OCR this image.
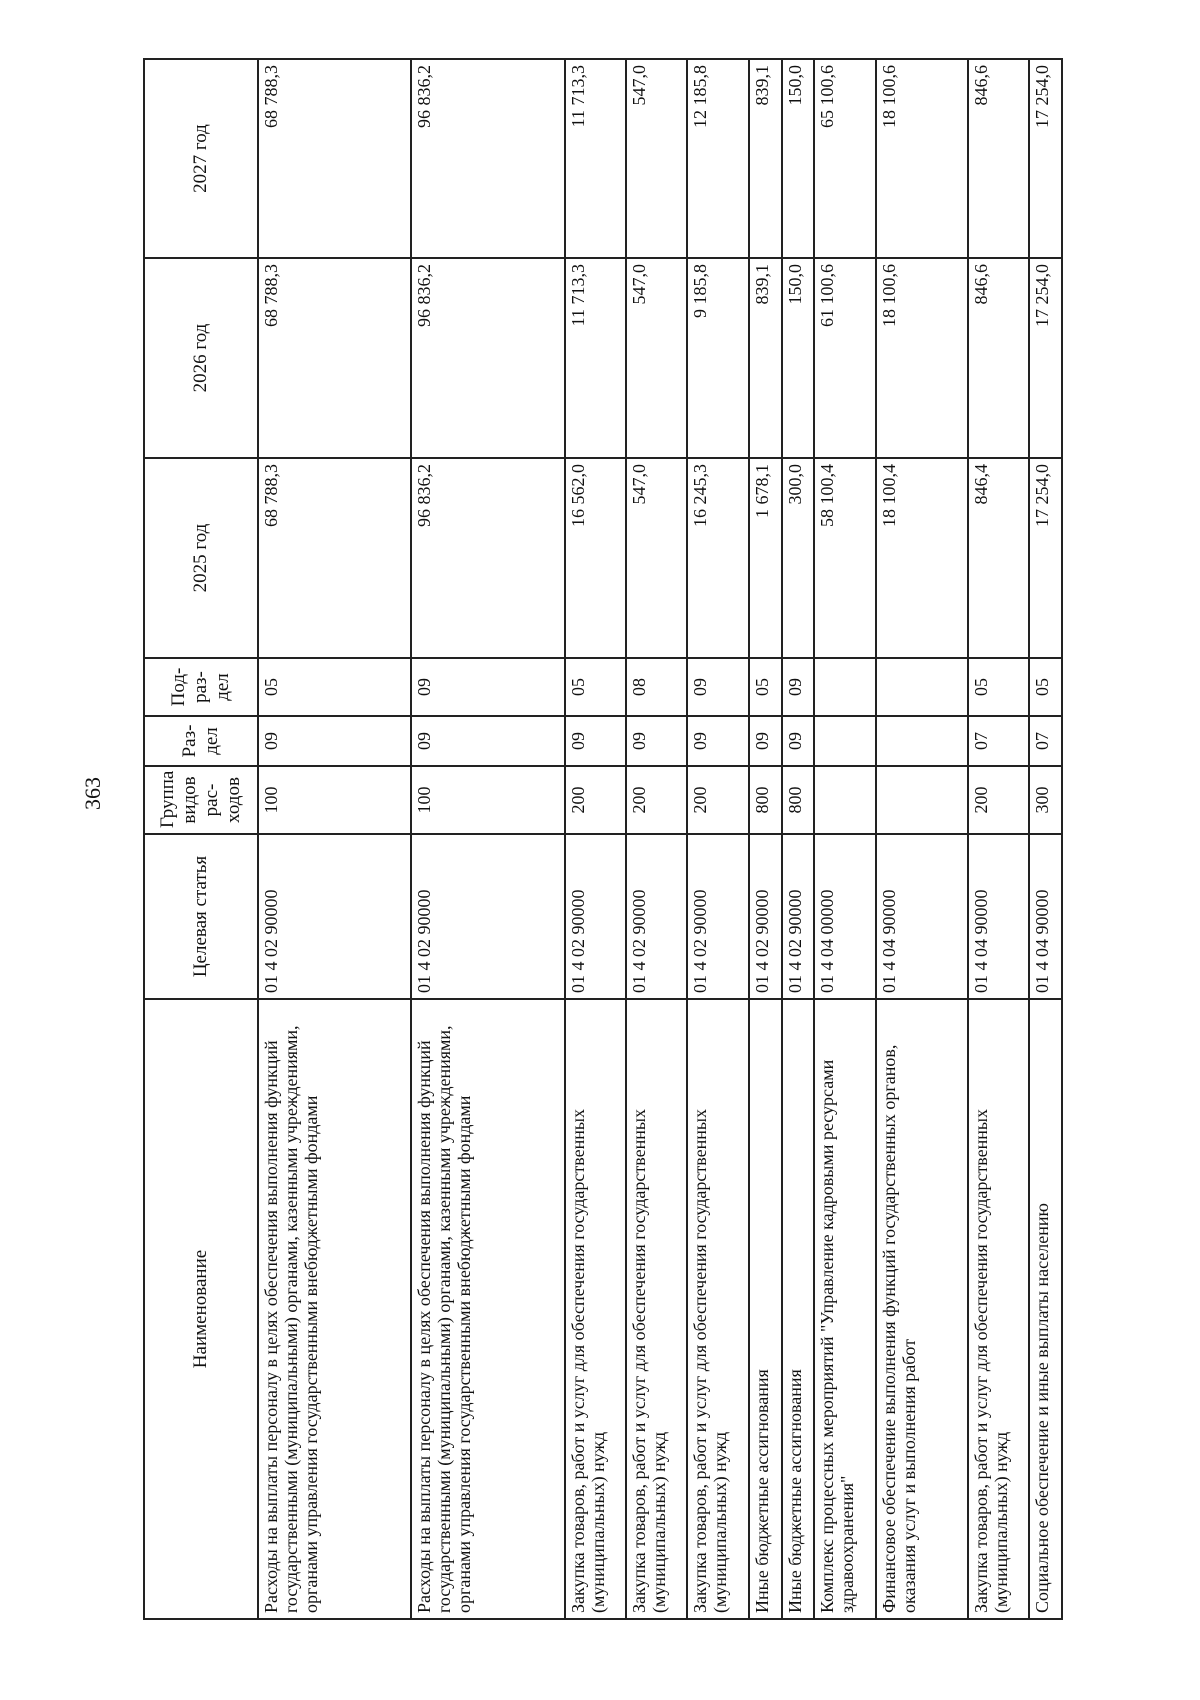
363
Наименование	Целевая статья	Группа видов рас-ходов	Раз-дел	Под-раз-дел	2025 год	2026 год	2027 год
Расходы на выплаты персоналу в целях обеспечения выполнения функций государственными (муниципальными) органами, казенными учреждениями, органами управления государственными внебюджетными фондами	01 4 02 90000	100	09	05	68 788,3	68 788,3	68 788,3
Расходы на выплаты персоналу в целях обеспечения выполнения функций государственными (муниципальными) органами, казенными учреждениями, органами управления государственными внебюджетными фондами	01 4 02 90000	100	09	09	96 836,2	96 836,2	96 836,2
Закупка товаров, работ и услуг для обеспечения государственных (муниципальных) нужд	01 4 02 90000	200	09	05	16 562,0	11 713,3	11 713,3
Закупка товаров, работ и услуг для обеспечения государственных (муниципальных) нужд	01 4 02 90000	200	09	08	547,0	547,0	547,0
Закупка товаров, работ и услуг для обеспечения государственных (муниципальных) нужд	01 4 02 90000	200	09	09	16 245,3	9 185,8	12 185,8
Иные бюджетные ассигнования	01 4 02 90000	800	09	05	1 678,1	839,1	839,1
Иные бюджетные ассигнования	01 4 02 90000	800	09	09	300,0	150,0	150,0
Комплекс процессных мероприятий "Управление кадровыми ресурсами здравоохранения"	01 4 04 00000				58 100,4	61 100,6	65 100,6
Финансовое обеспечение выполнения функций государственных органов, оказания услуг и выполнения работ	01 4 04 90000				18 100,4	18 100,6	18 100,6
Закупка товаров, работ и услуг для обеспечения государственных (муниципальных) нужд	01 4 04 90000	200	07	05	846,4	846,6	846,6
Социальное обеспечение и иные выплаты населению	01 4 04 90000	300	07	05	17 254,0	17 254,0	17 254,0
